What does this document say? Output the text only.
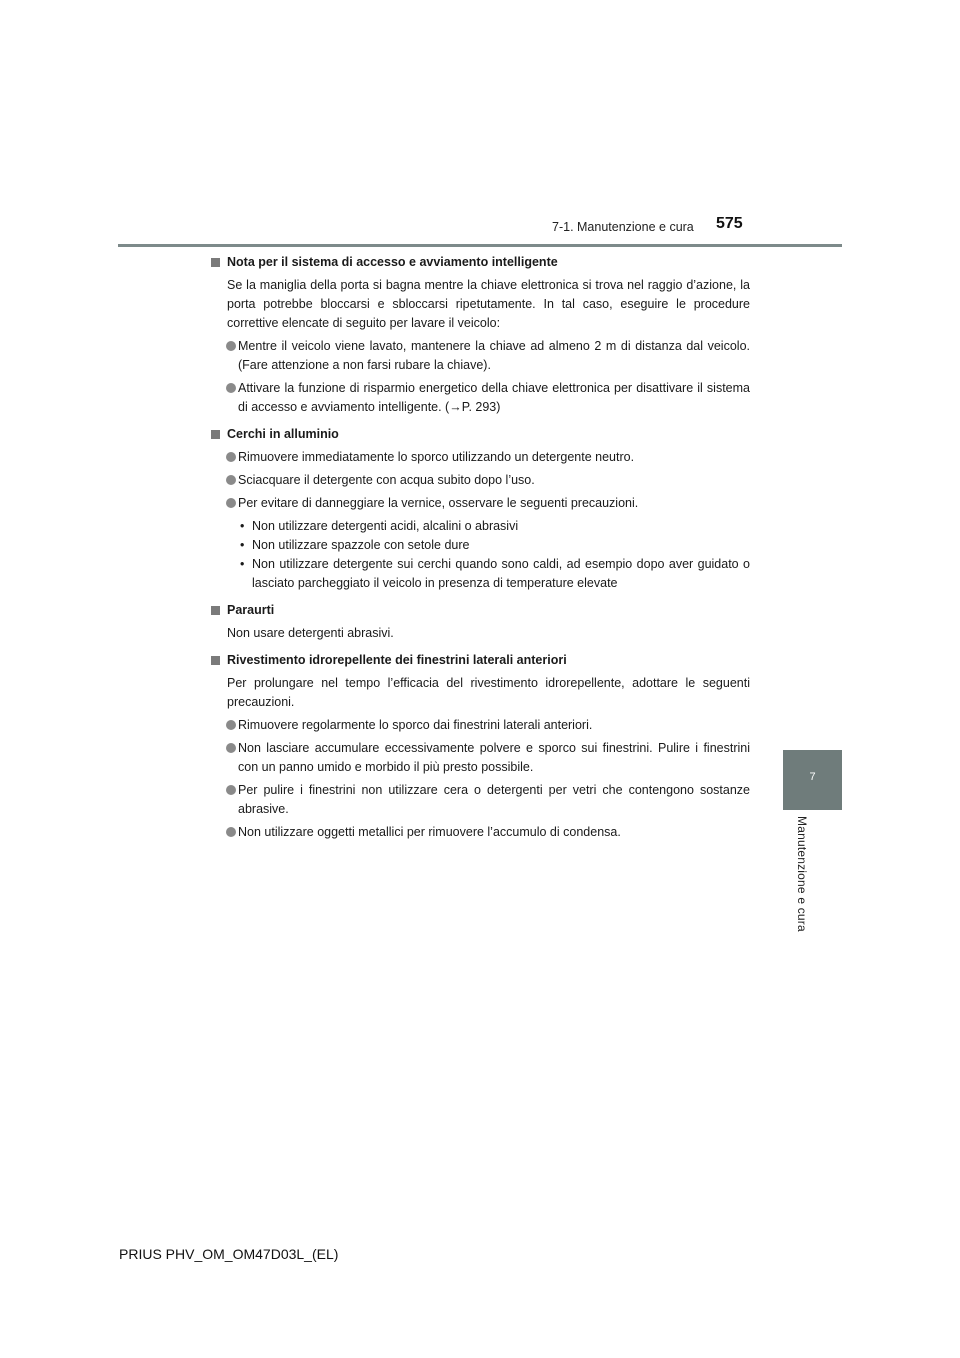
7-1. Manutenzione e cura 575
7
Manutenzione e cura

Nota per il sistema di accesso e avviamento intelligente

Se la maniglia della porta si bagna mentre la chiave elettronica si trova nel raggio d’azione, la porta potrebbe bloccarsi e sbloccarsi ripetutamente. In tal caso, eseguire le procedure correttive elencate di seguito per lavare il veicolo:

Mentre il veicolo viene lavato, mantenere la chiave ad almeno 2 m di distanza dal veicolo. (Fare attenzione a non farsi rubare la chiave).

Attivare la funzione di risparmio energetico della chiave elettronica per disattivare il sistema di accesso e avviamento intelligente. (→P. 293)

Cerchi in alluminio

Rimuovere immediatamente lo sporco utilizzando un detergente neutro.

Sciacquare il detergente con acqua subito dopo l’uso.

Per evitare di danneggiare la vernice, osservare le seguenti precauzioni.

• Non utilizzare detergenti acidi, alcalini o abrasivi

• Non utilizzare spazzole con setole dure

• Non utilizzare detergente sui cerchi quando sono caldi, ad esempio dopo aver guidato o lasciato parcheggiato il veicolo in presenza di temperature elevate

Paraurti

Non usare detergenti abrasivi.

Rivestimento idrorepellente dei finestrini laterali anteriori

Per prolungare nel tempo l’efficacia del rivestimento idrorepellente, adottare le seguenti precauzioni.

Rimuovere regolarmente lo sporco dai finestrini laterali anteriori.

Non lasciare accumulare eccessivamente polvere e sporco sui finestrini. Pulire i finestrini con un panno umido e morbido il più presto possibile.

Per pulire i finestrini non utilizzare cera o detergenti per vetri che contengono sostanze abrasive.

Non utilizzare oggetti metallici per rimuovere l’accumulo di condensa.

PRIUS PHV_OM_OM47D03L_(EL)
